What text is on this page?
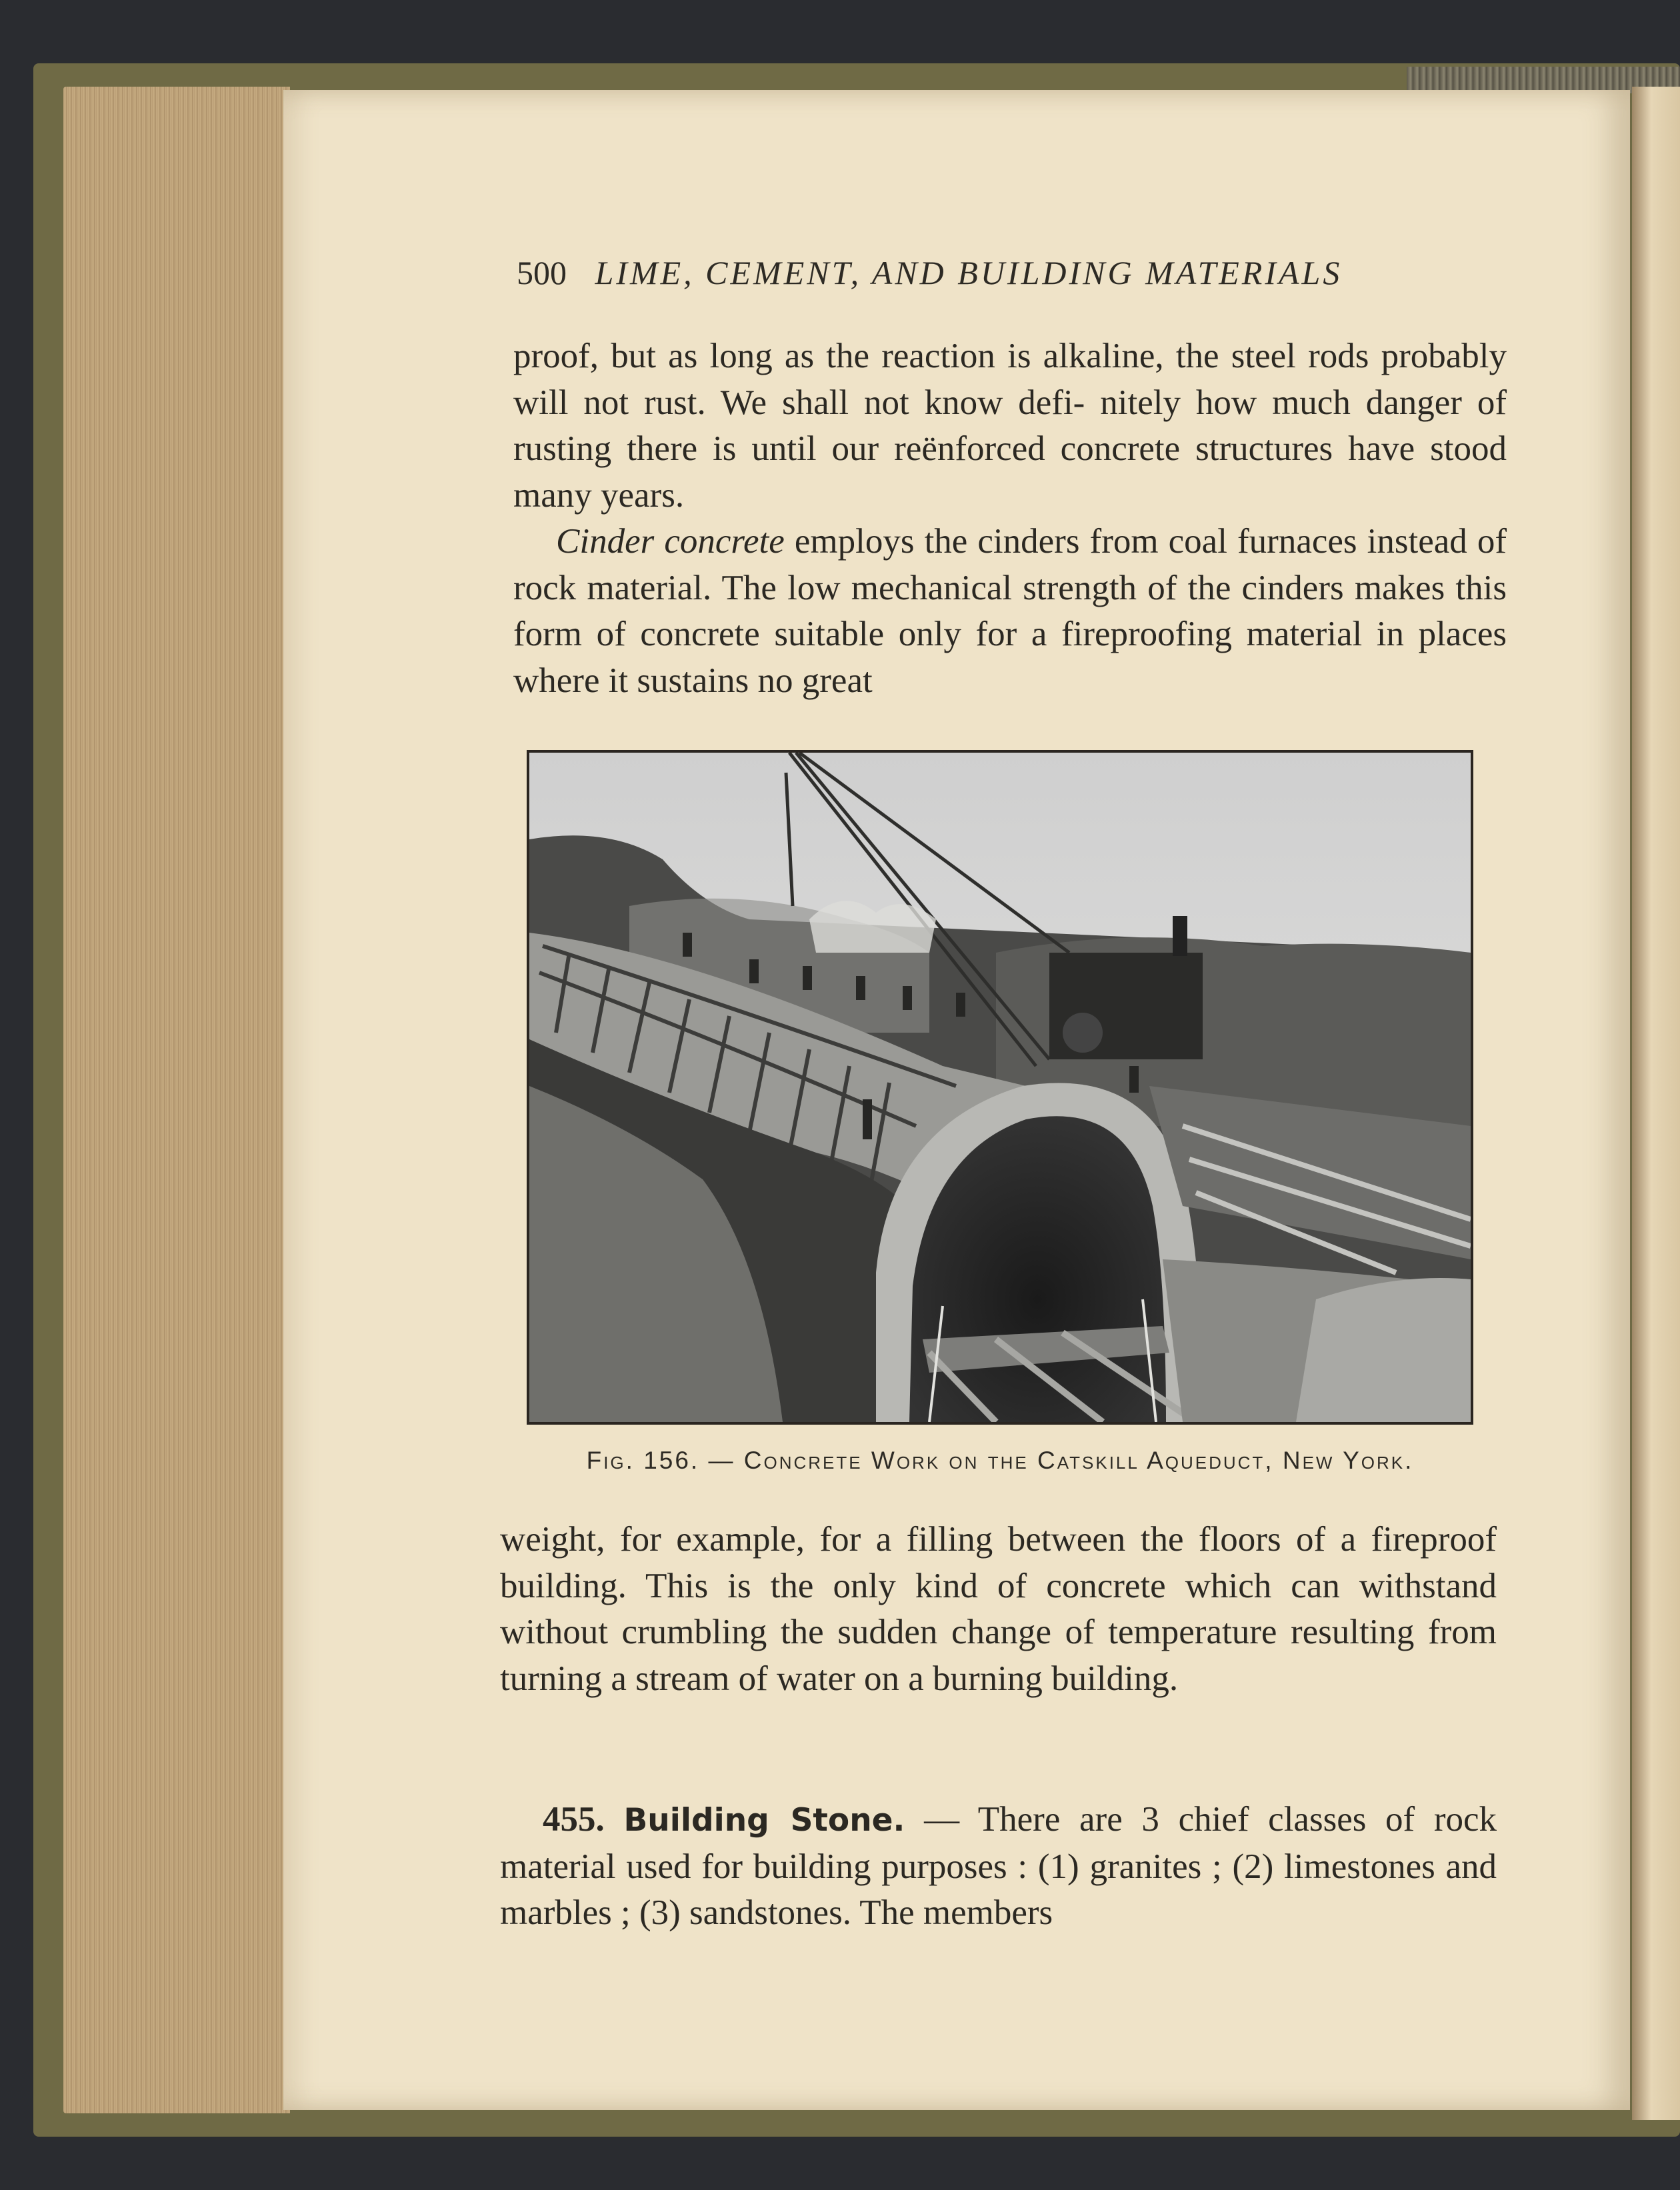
500 LIME, CEMENT, AND BUILDING MATERIALS

proof, but as long as the reaction is alkaline, the steel rods probably will not rust. We shall not know defi- nitely how much danger of rusting there is until our reënforced concrete structures have stood many years.

Cinder concrete employs the cinders from coal furnaces instead of rock material. The low mechanical strength of the cinders makes this form of concrete suitable only for a fireproofing material in places where it sustains no great

Fig. 156. — Concrete Work on the Catskill Aqueduct, New York.

weight, for example, for a filling between the floors of a fireproof building. This is the only kind of concrete which can withstand without crumbling the sudden change of temperature resulting from turning a stream of water on a burning building.

455. Building Stone. — There are 3 chief classes of rock material used for building purposes : (1) granites ; (2) limestones and marbles ; (3) sandstones. The members
